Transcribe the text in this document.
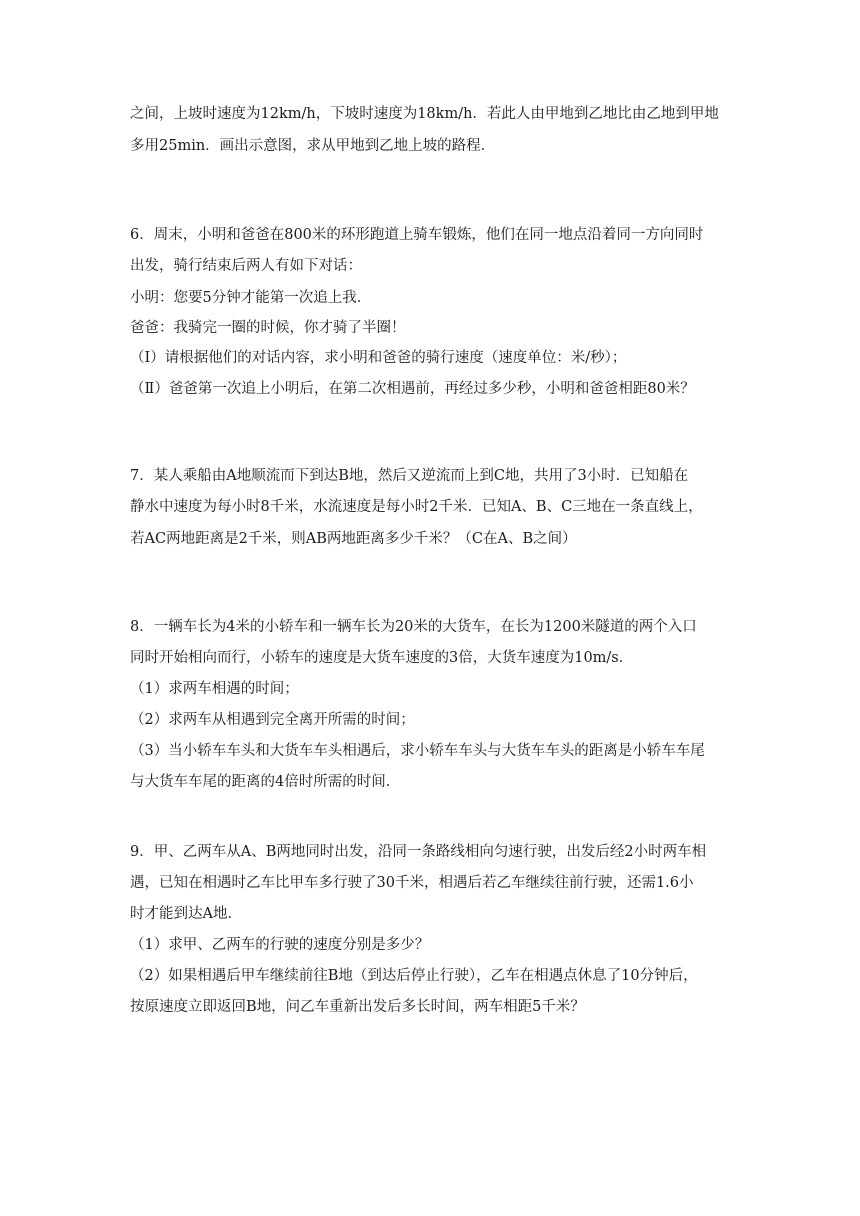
之间，上坡时速度为12km/h，下坡时速度为18km/h．若此人由甲地到乙地比由乙地到甲地
多用25min．画出示意图，求从甲地到乙地上坡的路程．
6．周末，小明和爸爸在800米的环形跑道上骑车锻炼，他们在同一地点沿着同一方向同时
出发，骑行结束后两人有如下对话：
小明：您要5分钟才能第一次追上我．
爸爸：我骑完一圈的时候，你才骑了半圈！
（Ⅰ）请根据他们的对话内容，求小明和爸爸的骑行速度（速度单位：米/秒）；
（Ⅱ）爸爸第一次追上小明后，在第二次相遇前，再经过多少秒，小明和爸爸相距80米？
7．某人乘船由A地顺流而下到达B地，然后又逆流而上到C地，共用了3小时．已知船在
静水中速度为每小时8千米，水流速度是每小时2千米．已知A、B、C三地在一条直线上，
若AC两地距离是2千米，则AB两地距离多少千米？（C在A、B之间）
8．一辆车长为4米的小轿车和一辆车长为20米的大货车，在长为1200米隧道的两个入口
同时开始相向而行，小轿车的速度是大货车速度的3倍，大货车速度为10m/s．
（1）求两车相遇的时间；
（2）求两车从相遇到完全离开所需的时间；
（3）当小轿车车头和大货车车头相遇后，求小轿车车头与大货车车头的距离是小轿车车尾
与大货车车尾的距离的4倍时所需的时间．
9．甲、乙两车从A、B两地同时出发，沿同一条路线相向匀速行驶，出发后经2小时两车相
遇，已知在相遇时乙车比甲车多行驶了30千米，相遇后若乙车继续往前行驶，还需1.6小
时才能到达A地．
（1）求甲、乙两车的行驶的速度分别是多少？
（2）如果相遇后甲车继续前往B地（到达后停止行驶），乙车在相遇点休息了10分钟后，
按原速度立即返回B地，问乙车重新出发后多长时间，两车相距5千米？
